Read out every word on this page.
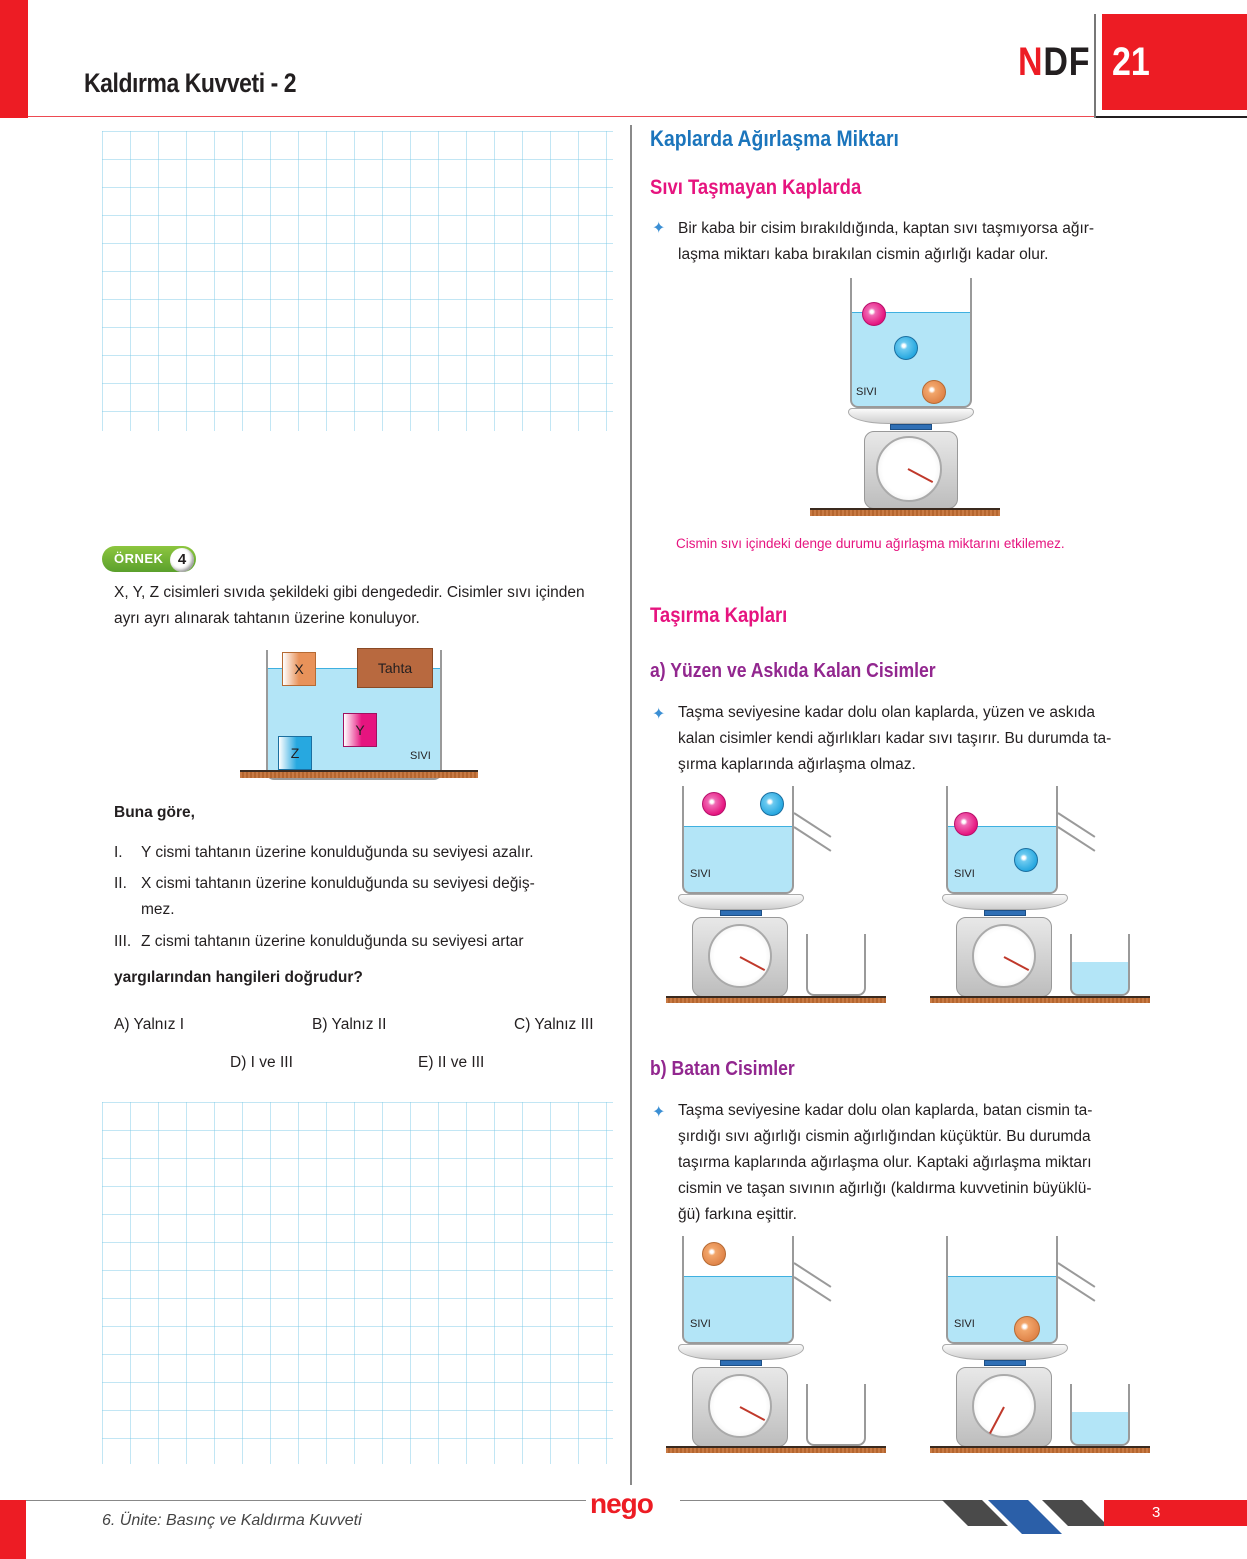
Kaldırma Kuvveti - 2	NDF 21
ÖRNEK 4
X, Y, Z cisimleri sıvıda şekildeki gibi dengededir. Cisimler sıvı içinden ayrı ayrı alınarak tahtanın üzerine konuluyor.
X	Tahta
Y
Z	SIVI
Buna göre,
I. Y cismi tahtanın üzerine konulduğunda su seviyesi azalır.
II. X cismi tahtanın üzerine konulduğunda su seviyesi değiş-
mez.
III. Z cismi tahtanın üzerine konulduğunda su seviyesi artar
yargılarından hangileri doğrudur?
A) Yalnız I	B) Yalnız II	C) Yalnız III
D) I ve III	E) II ve III
Kaplarda Ağırlaşma Miktarı
Sıvı Taşmayan Kaplarda
✦ Bir kaba bir cisim bırakıldığında, kaptan sıvı taşmıyorsa ağır-
laşma miktarı kaba bırakılan cismin ağırlığı kadar olur.
SIVI
Cismin sıvı içindeki denge durumu ağırlaşma miktarını etkilemez.
Taşırma Kapları
a) Yüzen ve Askıda Kalan Cisimler
✦ Taşma seviyesine kadar dolu olan kaplarda, yüzen ve askıda
kalan cisimler kendi ağırlıkları kadar sıvı taşırır. Bu durumda ta-
şırma kaplarında ağırlaşma olmaz.
SIVI	SIVI
b) Batan Cisimler
✦ Taşma seviyesine kadar dolu olan kaplarda, batan cismin ta-
şırdığı sıvı ağırlığı cismin ağırlığından küçüktür. Bu durumda
taşırma kaplarında ağırlaşma olur. Kaptaki ağırlaşma miktarı
cismin ve taşan sıvının ağırlığı (kaldırma kuvvetinin büyüklü-
ğü) farkına eşittir.
SIVI	SIVI
6. Ünite: Basınç ve Kaldırma Kuvveti
nego	3
